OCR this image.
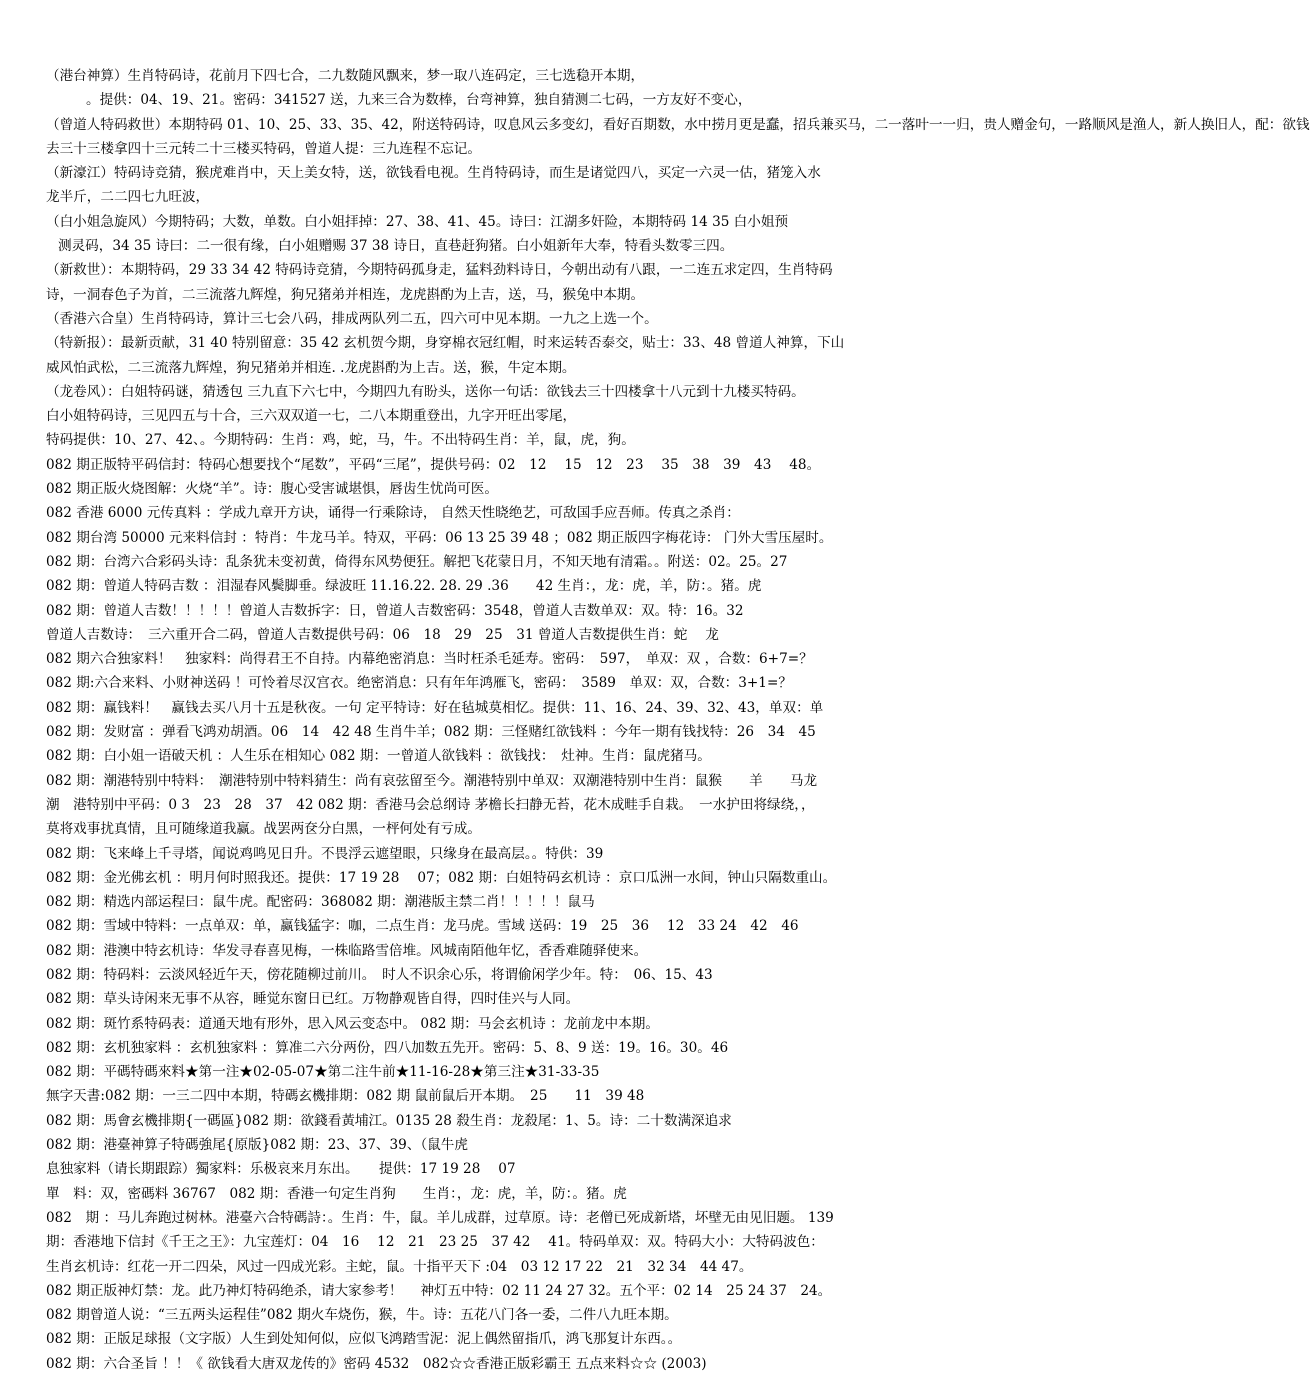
（港台神算）生肖特码诗，花前月下四七合，二九数随风飘来，梦一取八连码定，三七选稳开本期，
。提供：04、19、21。密码：341527 送，九来三合为数棒，台弯神算，独自猜测二七码，一方友好不变心，
（曾道人特码救世）本期特码 01、10、25、33、35、42，附送特码诗，叹息风云多变幻，看好百期数，水中捞月更是蠢，招兵兼买马，二一落叶一一归，贵人赠金句，一路顺风是渔人，新人换旧人，配：欲钱
去三十三楼拿四十三元转二十三楼买特码，曾道人提：三九连程不忘记。
（新濠江）特码诗竞猜，猴虎难肖中，天上美女特，送，欲钱看电视。生肖特码诗，而生是诸觉四八，买定一六灵一估，猪笼入水
龙半斤，二二四七九旺波，
（白小姐急旋风）今期特码；大数，单数。白小姐拝掉：27、38、41、45。诗曰：江湖多奸险，本期特码 14 35 白小姐预
测灵码，34 35 诗曰：二一很有缘，白小姐赠赐 37 38 诗日，直巷赶狗猪。白小姐新年大奉，特看头数零三四。
（新救世）：本期特码，29 33 34 42 特码诗竞猜，今期特码孤身走，猛料劲料诗日，今朝出动有八跟，一二连五求定四，生肖特码
诗，一洞春色子为首，二三流落九辉煌，狗兄猪弟并相连，龙虎斟酌为上吉，送，马，猴兔中本期。
（香港六合皇）生肖特码诗，算计三七会八码，排成两队列二五，四六可中见本期。一九之上选一个。
（特新报）：最新贡献，31 40 特别留意：35 42 玄机贺今期，身穿棉衣冠红帽，时来运转否泰交，贴士：33、48 曾道人神算，下山
威风怕武松，二三流落九辉煌，狗兄猪弟并相连. .龙虎斟酌为上吉。送，猴，牛定本期。
（龙卷风）：白姐特码谜，猜透包 三九直下六七中，今期四九有盼头，送你一句话：欲钱去三十四楼拿十八元到十九楼买特码。
白小姐特码诗，三见四五与十合，三六双双道一七，二八本期重登出，九字开旺出零尾，
特码提供：10、27、42、。今期特码：生肖：鸡，蛇，马，牛。不出特码生肖：羊，鼠，虎，狗。
082 期正版特平码信封：特码心想要找个“尾数”，平码“三尾”，提供号码：02　12　 15　12　23　 35　38　39　43　 48。
082 期正版火烧图解：火烧“羊”。诗：腹心受害诚堪惧，唇齿生忧尚可医。
082 香港 6000 元传真料 ：学成九章开方诀，诵得一行乘除诗， 自然天性晓绝艺，可敌国手应吾师。传真之杀肖：
082 期台湾 50000 元来料信封 ：特肖：牛龙马羊。特双，平码：06 13 25 39 48 ；082 期正版四字梅花诗： 门外大雪压屋时。
082 期：台湾六合彩码头诗：乱条犹未变初黄，倚得东风势便狂。解把飞花蒙日月，不知天地有清霜。。附送：02。25。27
082 期：曾道人特码吉数 ：泪湿春风鬓脚垂。绿波旺 11.16.22. 28. 29 .36　　42 生肖：，龙：虎，羊，防：。猪。虎
082 期：曾道人吉数！！！！！曾道人吉数拆字：日，曾道人吉数密码：3548，曾道人吉数单双：双。特：16。32
曾道人吉数诗：　三六重开合二码，曾道人吉数提供号码：06　18　29　25　31 曾道人吉数提供生肖：蛇　 龙
082 期六合独家料！　独家料：尚得君王不自持。内幕绝密消息：当时枉杀毛延寿。密码：　597，　单双：双 ，合数：6+7=？
082 期:六合来料、小财神送码 ！可怜着尽汉宫衣。绝密消息：只有年年鸿雁飞，密码：　3589　单双：双，合数：3+1=？
082 期：赢钱料！　赢钱去买八月十五是秋夜。一句 定平特诗：好在毡城莫相忆。提供：11、16、24、39、32、43，单双：单
082 期：发财富 ：弹看飞鸿劝胡酒。06　14　42 48 生肖牛羊；082 期：三怪赌红欲钱料 ：今年一期有钱找特：26　34　45
082 期：白小姐一语破天机 ：人生乐在相知心 082 期：一曾道人欲钱料 ：欲钱找：　灶神。生肖：鼠虎猪马。
082 期：潮港特别中特料：　潮港特别中特料猜生：尚有哀弦留至今。潮港特别中单双：双潮港特别中生肖：鼠猴　　羊　　马龙
潮　港特别中平码：0 3　23　28　37　42 082 期：香港马会总纲诗 茅檐长扫静无苔，花木成畦手自栽。　一水护田将绿绕，，
莫将戏事扰真情，且可随缘道我赢。战罢两奁分白黑，一枰何处有亏成。
082 期：飞来峰上千寻塔，闻说鸡鸣见日升。不畏浮云遮望眼，只缘身在最高层。。特供：39
082 期：金光佛玄机 ：明月何时照我还。提供：17 19 28　 07；082 期：白姐特码玄机诗 ：京口瓜洲一水间，钟山只隔数重山。
082 期：精选内部运程曰：鼠牛虎。配密码：368082 期：潮港版主禁二肖！！！！！鼠马
082 期：雪域中特料：一点单双：单，赢钱猛字：咖，二点生肖：龙马虎。雪域 送码：19　25　36　 12　33 24　42　46
082 期：港澳中特玄机诗：华发寻春喜见梅，一株临路雪倍堆。风城南陌他年忆，香香难随驿使来。
082 期：特码料：云淡风轻近午天，傍花随柳过前川。　时人不识余心乐，将谓偷闲学少年。特：　06、15、43
082 期：草头诗闲来无事不从容，睡觉东窗日已红。万物静观皆自得，四时佳兴与人同。
082 期：斑竹系特码表：道通天地有形外，思入风云变态中。 082 期：马会玄机诗 ：龙前龙中本期。
082 期：玄机独家料 ：玄机独家料 ：算准二六分两份，四八加数五先开。密码：5、8、9 送：19。16。30。46
082 期：平碼特碼來料★第一注★02-05-07★第二注牛前★11-16-28★第三注★31-33-35
無字天書:082 期：一三二四中本期，特碼玄機排期：082 期 鼠前鼠后开本期。　25　　11　39 48
082 期：馬會玄機排期{一碼區}082 期：欲錢看黃埔江。0135 28 殺生肖：龙殺尾：1、5。诗：二十数满深追求
082 期：港臺神算子特碼強尾{原版}082 期：23、37、39、（鼠牛虎
息独家料（请长期跟踪）獨家料：乐极哀来月东出。　　提供：17 19 28　 07
單　料：双，密碼料 36767　082 期：香港一句定生肖狗　　生肖：，龙：虎，羊，防：。猪。虎
082　期 ：马儿奔跑过树林。港臺六合特碼詩：。生肖：牛，鼠。羊儿成群，过草原。诗：老僧已死成新塔，坏壁无由见旧题。 139
期：香港地下信封《千王之王》：九宝莲灯：04　16　 12　21　23 25　37 42　 41。特码单双：双。特码大小：大特码波色：
生肖玄机诗：红花一开二四朵，风过一四成光彩。主蛇，鼠。十指平天下 :04　03 12 17 22　21　32 34　44 47。
082 期正版神灯禁：龙。此乃神灯特码绝杀，请大家参考！　 神灯五中特：02 11 24 27 32。五个平：02 14　25 24 37　24。
082 期曾道人说：“三五两头运程佳”082 期火车烧伤，猴，牛。诗：五花八门各一委，二件八九旺本期。
082 期：正版足球报（文字版）人生到处知何似，应似飞鸿踏雪泥：泥上偶然留指爪，鸿飞那复计东西。。
082 期：六合圣旨 ！！《 欲钱看大唐双龙传的》密码 4532　082☆☆香港正版彩霸王 五点来料☆☆ (2003)
